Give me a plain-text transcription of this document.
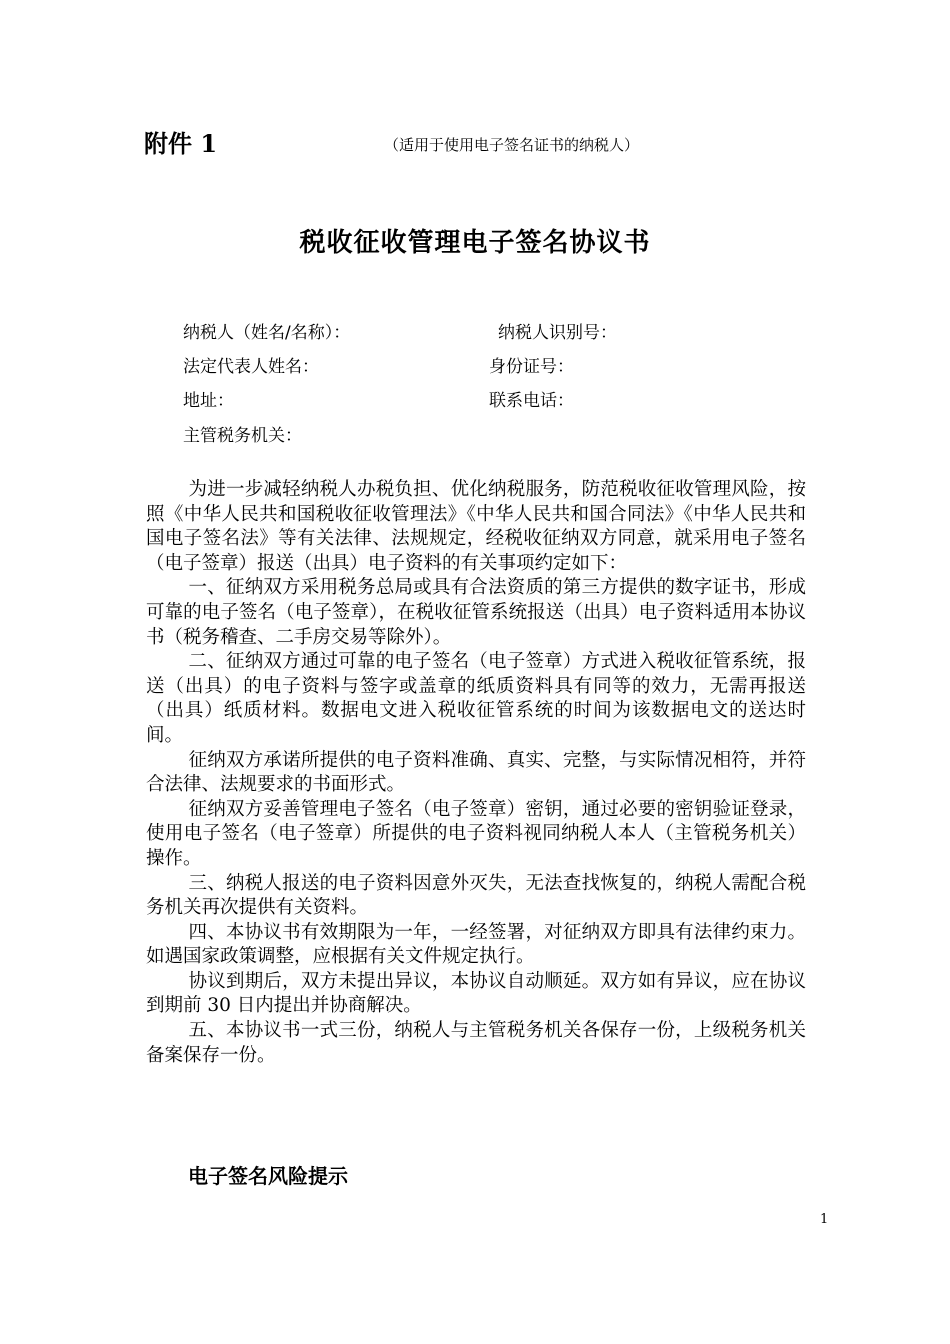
附件 1	（适用于使用电子签名证书的纳税人）
税收征收管理电子签名协议书
纳税人（姓名/名称）：	纳税人识别号：
法定代表人姓名：	身份证号：
地址：	联系电话：
主管税务机关：

为进一步减轻纳税人办税负担、优化纳税服务，防范税收征收管理风险，按照《中华人民共和国税收征收管理法》《中华人民共和国合同法》《中华人民共和国电子签名法》等有关法律、法规规定，经税收征纳双方同意，就采用电子签名（电子签章）报送（出具）电子资料的有关事项约定如下：

一、征纳双方采用税务总局或具有合法资质的第三方提供的数字证书，形成可靠的电子签名（电子签章），在税收征管系统报送（出具）电子资料适用本协议书（税务稽查、二手房交易等除外）。

二、征纳双方通过可靠的电子签名（电子签章）方式进入税收征管系统，报送（出具）的电子资料与签字或盖章的纸质资料具有同等的效力，无需再报送（出具）纸质材料。数据电文进入税收征管系统的时间为该数据电文的送达时间。

征纳双方承诺所提供的电子资料准确、真实、完整，与实际情况相符，并符合法律、法规要求的书面形式。

征纳双方妥善管理电子签名（电子签章）密钥，通过必要的密钥验证登录，使用电子签名（电子签章）所提供的电子资料视同纳税人本人（主管税务机关）操作。

三、纳税人报送的电子资料因意外灭失，无法查找恢复的，纳税人需配合税务机关再次提供有关资料。

四、本协议书有效期限为一年，一经签署，对征纳双方即具有法律约束力。如遇国家政策调整，应根据有关文件规定执行。

协议到期后，双方未提出异议，本协议自动顺延。双方如有异议，应在协议到期前 30 日内提出并协商解决。

五、本协议书一式三份，纳税人与主管税务机关各保存一份，上级税务机关备案保存一份。

电子签名风险提示
1
